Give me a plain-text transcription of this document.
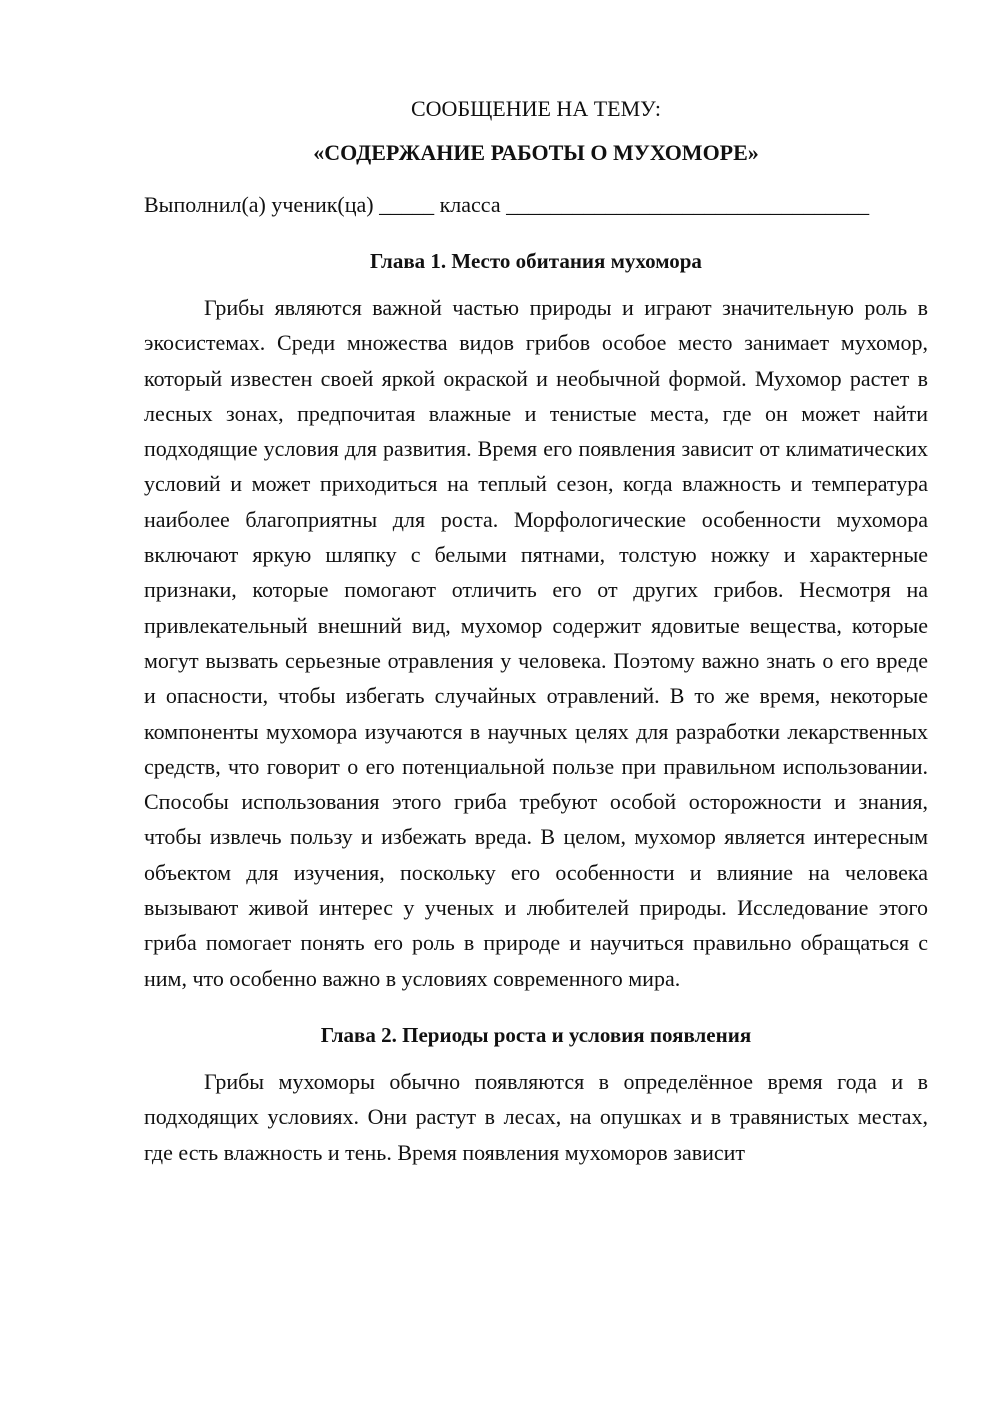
СООБЩЕНИЕ НА ТЕМУ:

«СОДЕРЖАНИЕ РАБОТЫ О МУХОМОРЕ»

Выполнил(а) ученик(ца) _____ класса _________________________________

Глава 1. Место обитания мухомора

Грибы являются важной частью природы и играют значительную роль в экосистемах. Среди множества видов грибов особое место занимает мухомор, который известен своей яркой окраской и необычной формой. Мухомор растет в лесных зонах, предпочитая влажные и тенистые места, где он может найти подходящие условия для развития. Время его появления зависит от климатических условий и может приходиться на теплый сезон, когда влажность и температура наиболее благоприятны для роста. Морфологические особенности мухомора включают яркую шляпку с белыми пятнами, толстую ножку и характерные признаки, которые помогают отличить его от других грибов. Несмотря на привлекательный внешний вид, мухомор содержит ядовитые вещества, которые могут вызвать серьезные отравления у человека. Поэтому важно знать о его вреде и опасности, чтобы избегать случайных отравлений. В то же время, некоторые компоненты мухомора изучаются в научных целях для разработки лекарственных средств, что говорит о его потенциальной пользе при правильном использовании. Способы использования этого гриба требуют особой осторожности и знания, чтобы извлечь пользу и избежать вреда. В целом, мухомор является интересным объектом для изучения, поскольку его особенности и влияние на человека вызывают живой интерес у ученых и любителей природы. Исследование этого гриба помогает понять его роль в природе и научиться правильно обращаться с ним, что особенно важно в условиях современного мира.

Глава 2. Периоды роста и условия появления

Грибы мухоморы обычно появляются в определённое время года и в подходящих условиях. Они растут в лесах, на опушках и в травянистых местах, где есть влажность и тень. Время появления мухоморов зависит
